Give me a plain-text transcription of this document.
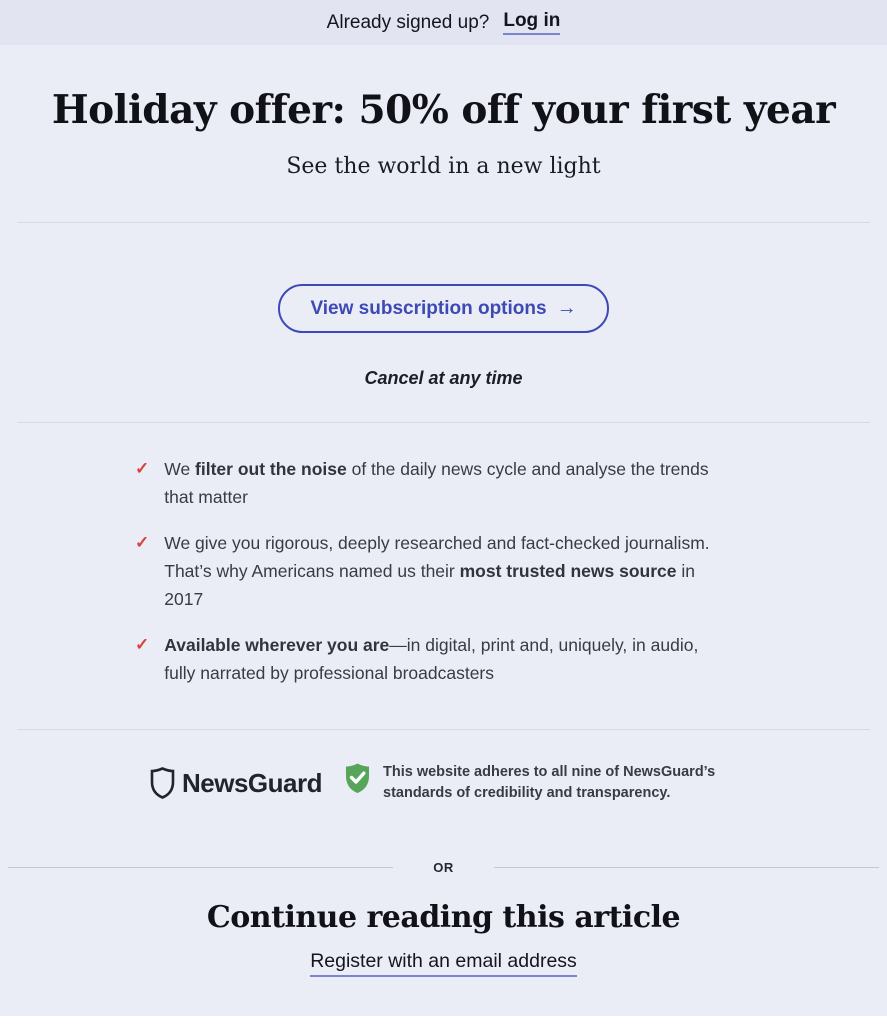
Already signed up? Log in
Holiday offer: 50% off your first year
See the world in a new light
View subscription options →
Cancel at any time
✓ We filter out the noise of the daily news cycle and analyse the trends that matter
✓ We give you rigorous, deeply researched and fact-checked journalism. That’s why Americans named us their most trusted news source in 2017
✓ Available wherever you are—in digital, print and, uniquely, in audio, fully narrated by professional broadcasters
NewsGuard	This website adheres to all nine of NewsGuard’s standards of credibility and transparency.
OR
Continue reading this article
Register with an email address
